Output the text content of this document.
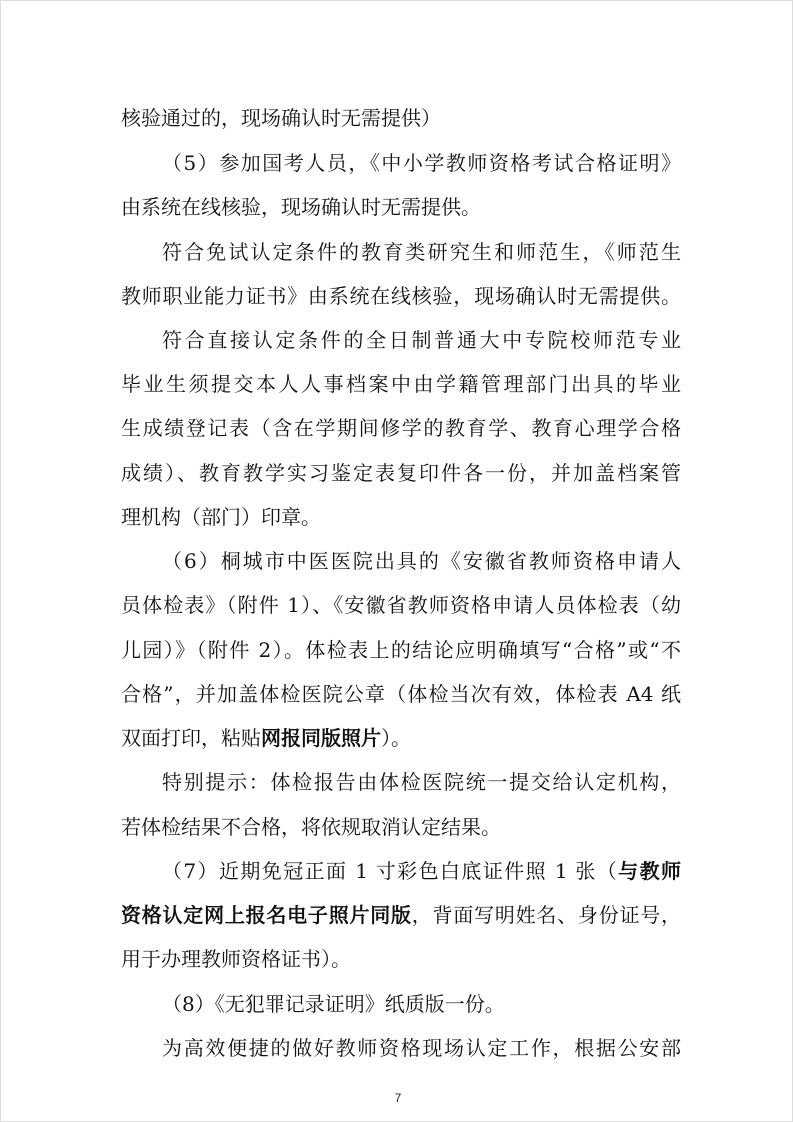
核验通过的，现场确认时无需提供）
（5）参加国考人员，《中小学教师资格考试合格证明》
由系统在线核验，现场确认时无需提供。
符合免试认定条件的教育类研究生和师范生，《师范生
教师职业能力证书》由系统在线核验，现场确认时无需提供。
符合直接认定条件的全日制普通大中专院校师范专业
毕业生须提交本人人事档案中由学籍管理部门出具的毕业
生成绩登记表（含在学期间修学的教育学、教育心理学合格
成绩）、教育教学实习鉴定表复印件各一份，并加盖档案管
理机构（部门）印章。
（6）桐城市中医医院出具的《安徽省教师资格申请人
员体检表》（附件 1）、《安徽省教师资格申请人员体检表（幼
儿园）》（附件 2）。体检表上的结论应明确填写“合格”或“不
合格”，并加盖体检医院公章（体检当次有效，体检表 A4 纸
双面打印，粘贴网报同版照片）。
特别提示：体检报告由体检医院统一提交给认定机构，
若体检结果不合格，将依规取消认定结果。
（7）近期免冠正面 1 寸彩色白底证件照 1 张（与教师
资格认定网上报名电子照片同版，背面写明姓名、身份证号，
用于办理教师资格证书）。
（8）《无犯罪记录证明》纸质版一份。
为高效便捷的做好教师资格现场认定工作，根据公安部
7
